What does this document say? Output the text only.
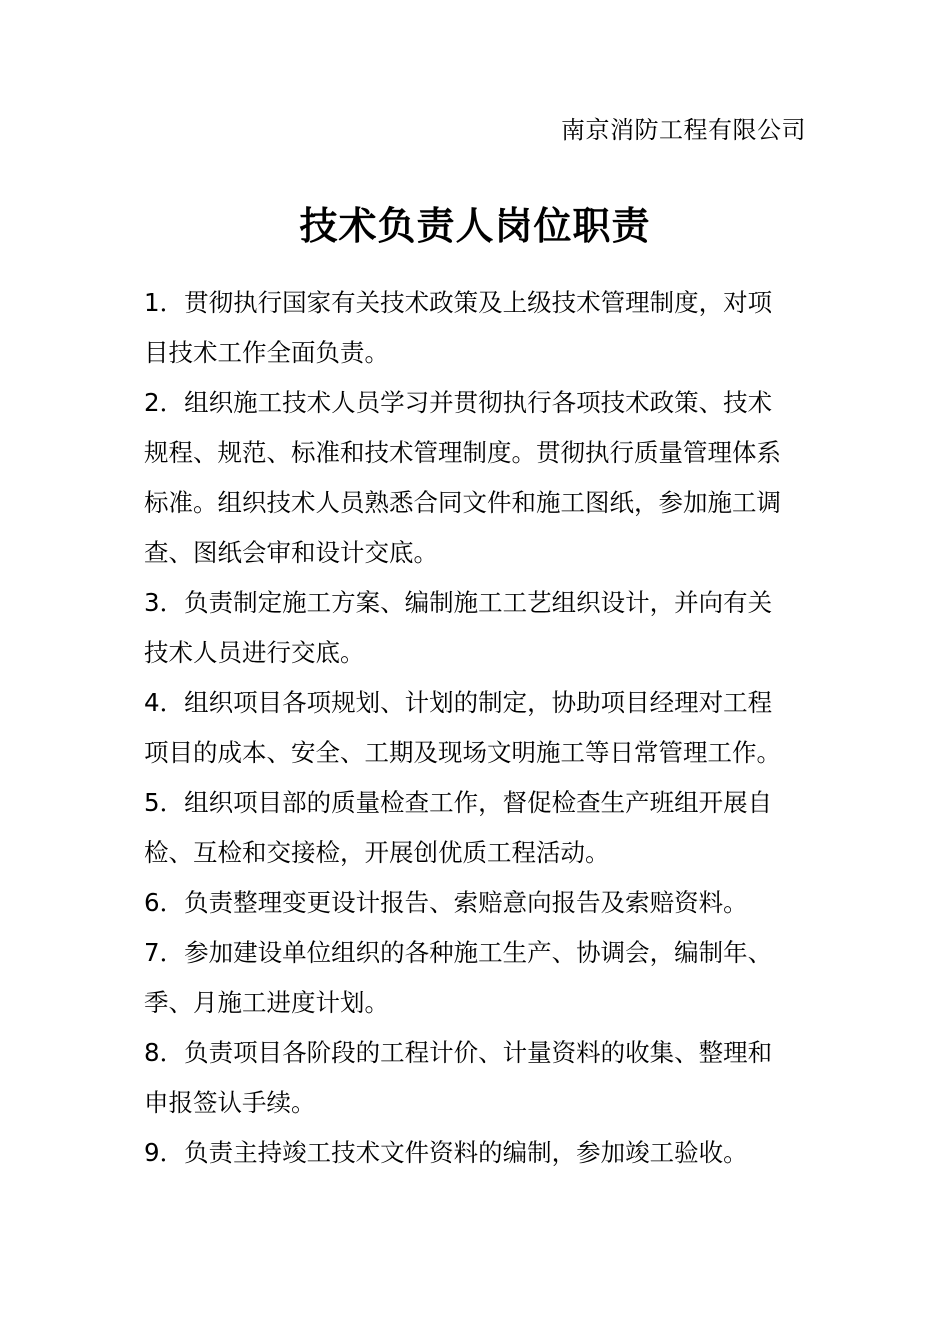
南京消防工程有限公司
技术负责人岗位职责
1．贯彻执行国家有关技术政策及上级技术管理制度，对项
目技术工作全面负责。
2．组织施工技术人员学习并贯彻执行各项技术政策、技术
规程、规范、标准和技术管理制度。贯彻执行质量管理体系
标准。组织技术人员熟悉合同文件和施工图纸，参加施工调
查、图纸会审和设计交底。
3．负责制定施工方案、编制施工工艺组织设计，并向有关
技术人员进行交底。
4．组织项目各项规划、计划的制定，协助项目经理对工程
项目的成本、安全、工期及现场文明施工等日常管理工作。
5．组织项目部的质量检查工作，督促检查生产班组开展自
检、互检和交接检，开展创优质工程活动。
6．负责整理变更设计报告、索赔意向报告及索赔资料。
7．参加建设单位组织的各种施工生产、协调会，编制年、
季、月施工进度计划。
8．负责项目各阶段的工程计价、计量资料的收集、整理和
申报签认手续。
9．负责主持竣工技术文件资料的编制，参加竣工验收。
